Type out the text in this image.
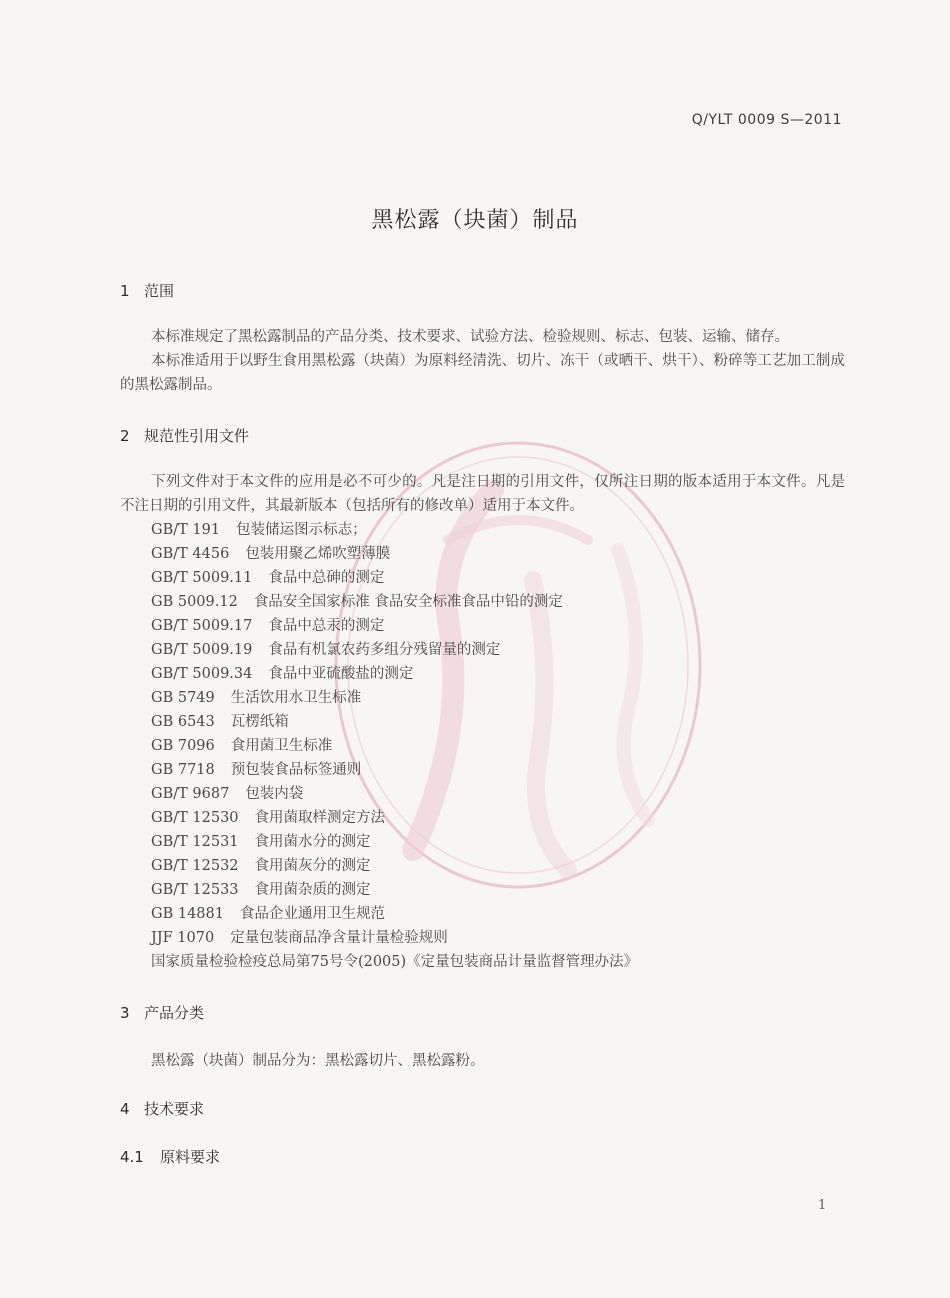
Q/YLT 0009 S—2011
黑松露（块菌）制品
1 范围
本标准规定了黑松露制品的产品分类、技术要求、试验方法、检验规则、标志、包装、运输、储存。
本标准适用于以野生食用黑松露（块菌）为原料经清洗、切片、冻干（或晒干、烘干）、粉碎等工艺加工制成的黑松露制品。
2 规范性引用文件
下列文件对于本文件的应用是必不可少的。凡是注日期的引用文件，仅所注日期的版本适用于本文件。凡是不注日期的引用文件，其最新版本（包括所有的修改单）适用于本文件。
GB/T 191 包装储运图示标志；
GB/T 4456 包装用聚乙烯吹塑薄膜
GB/T 5009.11 食品中总砷的测定
GB 5009.12 食品安全国家标准 食品安全标准食品中铅的测定
GB/T 5009.17 食品中总汞的测定
GB/T 5009.19 食品有机氯农药多组分残留量的测定
GB/T 5009.34 食品中亚硫酸盐的测定
GB 5749 生活饮用水卫生标准
GB 6543 瓦楞纸箱
GB 7096 食用菌卫生标准
GB 7718 预包装食品标签通则
GB/T 9687 包装内袋
GB/T 12530 食用菌取样测定方法
GB/T 12531 食用菌水分的测定
GB/T 12532 食用菌灰分的测定
GB/T 12533 食用菌杂质的测定
GB 14881 食品企业通用卫生规范
JJF 1070 定量包装商品净含量计量检验规则
国家质量检验检疫总局第75号令(2005)《定量包装商品计量监督管理办法》
3 产品分类
黑松露（块菌）制品分为：黑松露切片、黑松露粉。
4 技术要求
4.1 原料要求
1
